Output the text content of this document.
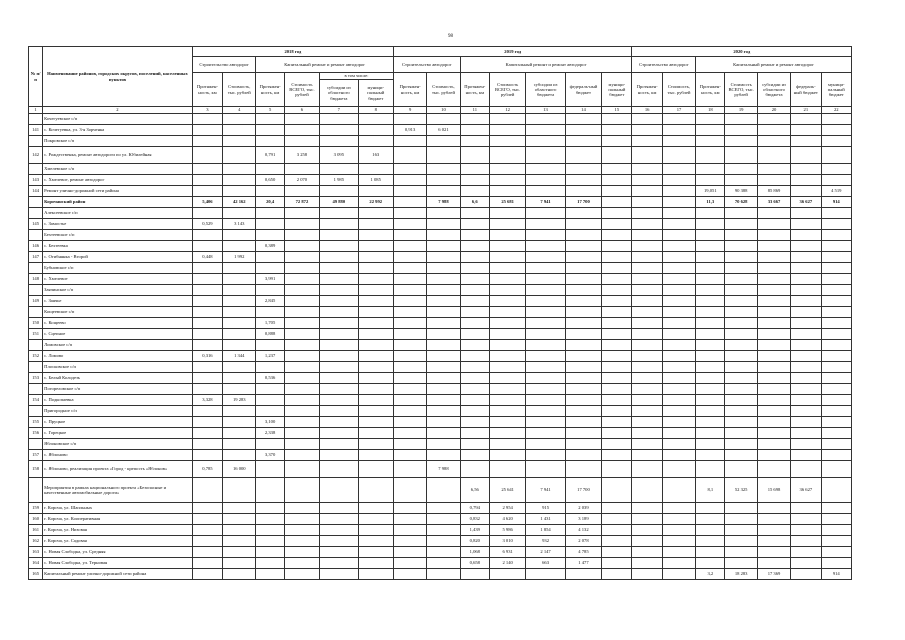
98
№ п/п	Наименование районов, городских округов, поселений, населенных пунктов	2018 год						2019 год							2020 год						
		Строительство автодорог		Капитальный ремонт и ремонт автодорог				Строительство автодорог		Капитальный ремонт и ремонт автодорог					Строительство автодорог		Капитальный ремонт и ремонт автодорог				
		Протяжен-ность, км	Стоимость, тыс. рублей	Протяжен-ность, км	Стоимость ВСЕГО, тыс. рублей	в том числе:		Протяжен-ность, км	Стоимость, тыс. рублей	Протяжен-ность, км	Стоимость ВСЕГО, тыс. рублей	субсидии из областного бюджета	федераль-ный бюджет	муници-пальный бюджет	Протяжен-ность, км	Стоимость, тыс. рублей	Протяжен-ность, км	Стоимость ВСЕГО, тыс. рублей	субсидии из областного бюджета	федераль-ный бюджет	муници-пальный бюджет
						субсидии из областного бюджета	муници-пальный бюджет														
1	2	3	4	5	6	7	8	9	10	11	12	13	14	15	16	17	18	19	20	21	22
	Кочегуевское с/п																				
141	с. Кочегуевка, ул. 3-я Зорченка							0,913	6 021												
	Покровское с/п																				
142	с. Рождественка, ремонт автодороги по ул. Юбилейная			0,791	3 258	3 095	163														
	Хмелевское с/п																				
143	с. Хмелевое, ремонт автодорог			0,650	2 070	1 985	1 085														
144	Ремонт улично-дорожной сети района																19,051	90 388	85 869		4 519
	Корочанский район	5,406	42 162	20,4	72 872	49 880	22 992		7 988	6,6	25 681	7 941	17 700				11,3	70 628	33 667	36 627	914
	Алексеевское с/п																				
145	с. Замостье	0,529	3 143																		
	Бехтеевское с/п																				
146	с. Бехтеевка			0,389																	
147	с. Огибнянка - Второй	0,448	1 992																		
	Бубновское с/п																				
148	с. Хмелевое			3,991																	
	Заячинское с/п																				
149	с. Заячье			2,845																	
	Кощеевское с/п																				
150	с. Кощеево			1,705																	
151	с. Сцепное			0,888																	
	Ломовское с/п																				
152	с. Ломово	0,316	1 344	1,237																	
	Плосковское с/п																				
153	с. Белый Колодезь			0,536																	
	Погореловское с/п																				
154	с. Подкопаевка	3,328	19 283																		
	Пригородное с/п																				
155	с. Пруцкое			3,100																	
156	с. Горецкое			2,338																	
	Яблоновское с/п																				
157	с. Яблоново			3,370																	
158	с. Яблоново, реализация проекта «Город - крепость «Яблонов»	0,785	16 000						7 988												
	Мероприятия в рамках национального проекта «Безопасные и качественные автомобильные дороги»									6,56	25 641	7 941	17 700				8,1	52 325	15 698	36 627	
159	г. Короча, ул. Шапльных									0,794	2 954	915	2 039								
160	г. Короча, ул. Кооперативная									0,832	4 620	1 431	3 189								
161	г. Короча, ул. Низовая									1,439	5 986	1 854	4 132								
162	г. Короча, ул. Садовая									0,820	3 010	932	2 078								
163	с. Новая Слободка, ул. Средняя									1,068	6 931	2 147	4 785								
164	с. Новая Слободка, ул. Терновая									0,658	2 140	663	1 477								
165	Капитальный ремонт улично-дорожной сети района																3,2	18 283	17 369		914
